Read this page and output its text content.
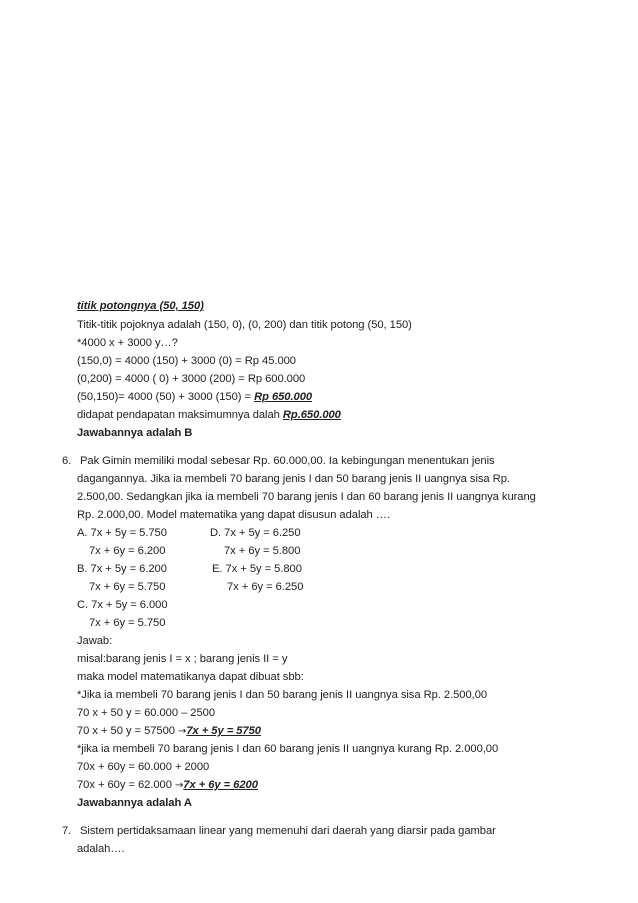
titik potongnya (50, 150)
Titik-titik pojoknya adalah (150, 0), (0, 200) dan titik potong (50, 150)
*4000 x + 3000 y…?
(150,0) = 4000 (150) + 3000 (0) = Rp 45.000
(0,200) = 4000 ( 0) + 3000 (200) = Rp 600.000
(50,150)= 4000 (50) + 3000 (150) = Rp 650.000
didapat pendapatan maksimumnya dalah Rp.650.000
Jawabannya adalah B
6. Pak Gimin memiliki modal sebesar Rp. 60.000,00. Ia kebingungan menentukan jenis
dagangannya. Jika ia membeli 70 barang jenis I dan 50 barang jenis II uangnya sisa Rp.
2.500,00. Sedangkan jika ia membeli 70 barang jenis I dan 60 barang jenis II uangnya kurang
Rp. 2.000,00. Model matematika yang dapat disusun adalah ….
A. 7x + 5y = 5.750	D. 7x + 5y = 6.250
7x + 6y = 6.200	7x + 6y = 5.800
B. 7x + 5y = 6.200	E. 7x + 5y = 5.800
7x + 6y = 5.750	7x + 6y = 6.250
C. 7x + 5y = 6.000
7x + 6y = 5.750
Jawab:
misal:barang jenis I = x ; barang jenis II = y
maka model matematikanya dapat dibuat sbb:
*Jika ia membeli 70 barang jenis I dan 50 barang jenis II uangnya sisa Rp. 2.500,00
70 x + 50 y = 60.000 – 2500
70 x + 50 y = 57500 →7x + 5y = 5750
*jika ia membeli 70 barang jenis I dan 60 barang jenis II uangnya kurang Rp. 2.000,00
70x + 60y = 60.000 + 2000
70x + 60y = 62.000 →7x + 6y = 6200
Jawabannya adalah A
7. Sistem pertidaksamaan linear yang memenuhi dari daerah yang diarsir pada gambar
adalah….
